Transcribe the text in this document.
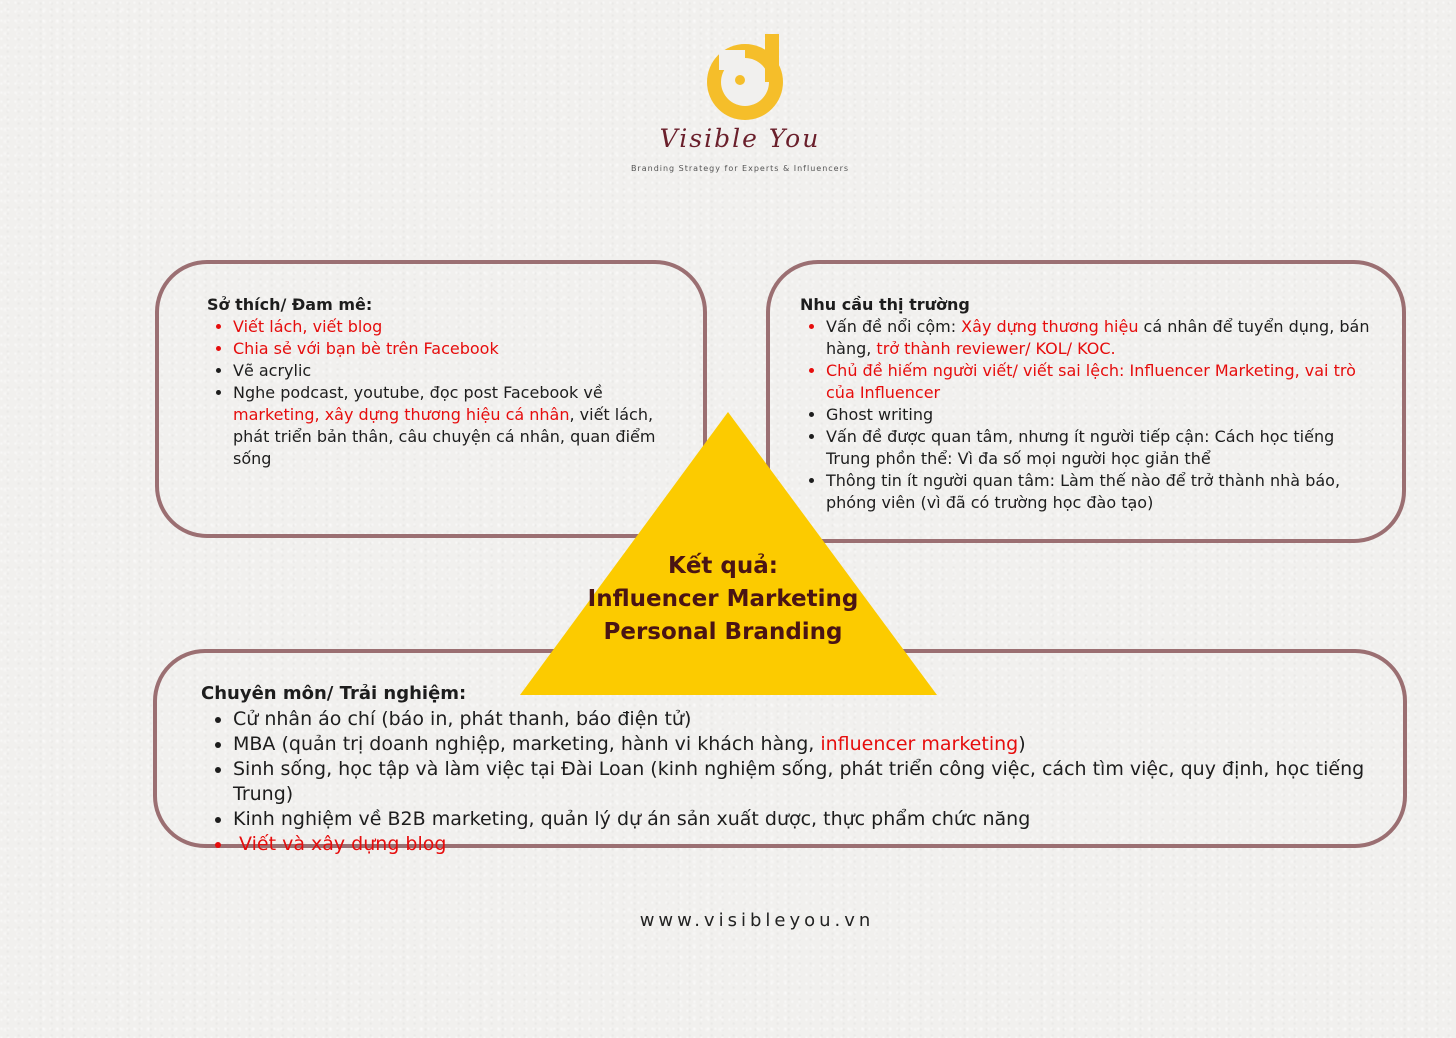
Visible You
Branding Strategy for Experts & Influencers
Sở thích/ Đam mê:
• Viết lách, viết blog
• Chia sẻ với bạn bè trên Facebook
• Vẽ acrylic
• Nghe podcast, youtube, đọc post Facebook về marketing, xây dựng thương hiệu cá nhân, viết lách, phát triển bản thân, câu chuyện cá nhân, quan điểm sống
Nhu cầu thị trường
• Vấn đề nổi cộm: Xây dựng thương hiệu cá nhân để tuyển dụng, bán hàng, trở thành reviewer/ KOL/ KOC.
• Chủ đề hiếm người viết/ viết sai lệch: Influencer Marketing, vai trò của Influencer
• Ghost writing
• Vấn đề được quan tâm, nhưng ít người tiếp cận: Cách học tiếng Trung phồn thể: Vì đa số mọi người học giản thể
• Thông tin ít người quan tâm: Làm thế nào để trở thành nhà báo, phóng viên (vì đã có trường học đào tạo)
Chuyên môn/ Trải nghiệm:
• Cử nhân áo chí (báo in, phát thanh, báo điện tử)
• MBA (quản trị doanh nghiệp, marketing, hành vi khách hàng, influencer marketing)
• Sinh sống, học tập và làm việc tại Đài Loan (kinh nghiệm sống, phát triển công việc, cách tìm việc, quy định, học tiếng Trung)
• Kinh nghiệm về B2B marketing, quản lý dự án sản xuất dược, thực phẩm chức năng
•  Viết và xây dựng blog
Kết quả:
Influencer Marketing
Personal Branding
www.visibleyou.vn
